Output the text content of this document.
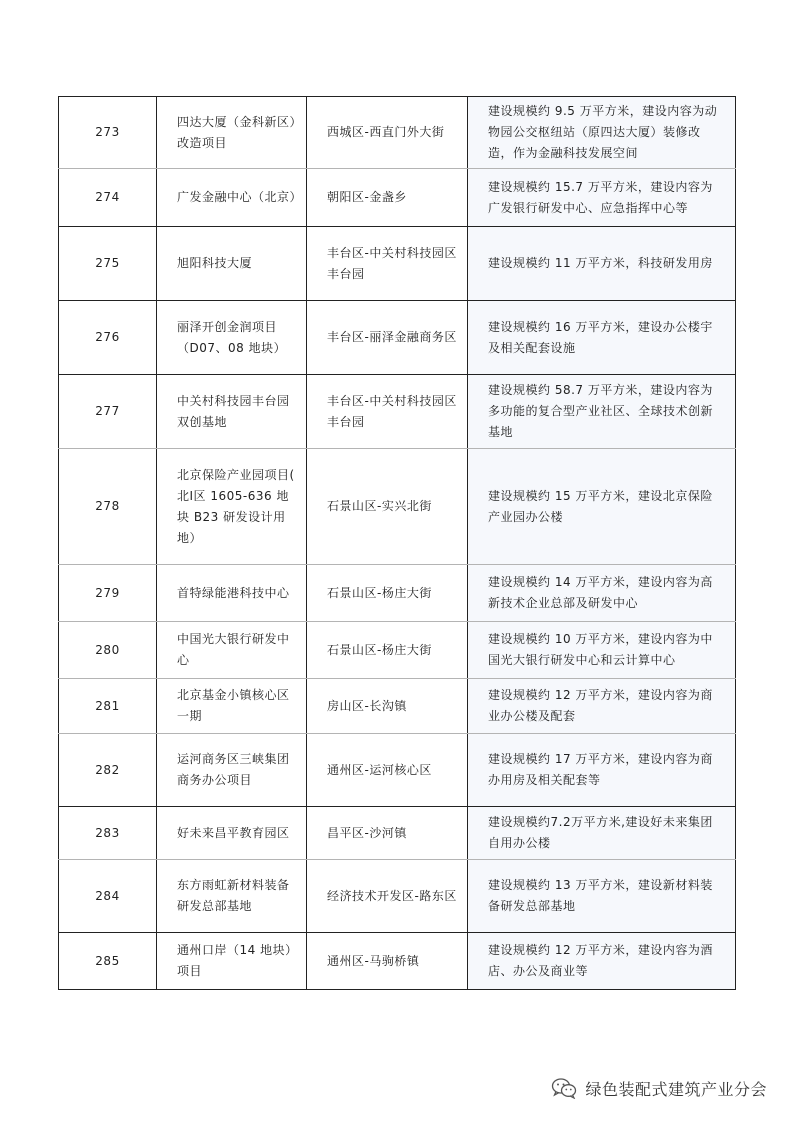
273	四达大厦（金科新区）改造项目	西城区-西直门外大街	建设规模约 9.5 万平方米，建设内容为动物园公交枢纽站（原四达大厦）装修改造，作为金融科技发展空间
274	广发金融中心（北京）	朝阳区-金盏乡	建设规模约 15.7 万平方米，建设内容为广发银行研发中心、应急指挥中心等
275	旭阳科技大厦	丰台区-中关村科技园区丰台园	建设规模约 11 万平方米，科技研发用房
276	丽泽开创金润项目（D07、08 地块）	丰台区-丽泽金融商务区	建设规模约 16 万平方米，建设办公楼宇及相关配套设施
277	中关村科技园丰台园双创基地	丰台区-中关村科技园区丰台园	建设规模约 58.7 万平方米，建设内容为多功能的复合型产业社区、全球技术创新基地
278	北京保险产业园项目( 北I区 1605-636 地块 B23 研发设计用地）	石景山区-实兴北街	建设规模约 15 万平方米，建设北京保险产业园办公楼
279	首特绿能港科技中心	石景山区-杨庄大街	建设规模约 14 万平方米，建设内容为高新技术企业总部及研发中心
280	中国光大银行研发中心	石景山区-杨庄大街	建设规模约 10 万平方米，建设内容为中国光大银行研发中心和云计算中心
281	北京基金小镇核心区一期	房山区-长沟镇	建设规模约 12 万平方米，建设内容为商业办公楼及配套
282	运河商务区三峡集团商务办公项目	通州区-运河核心区	建设规模约 17 万平方米，建设内容为商办用房及相关配套等
283	好未来昌平教育园区	昌平区-沙河镇	建设规模约7.2万平方米,建设好未来集团自用办公楼
284	东方雨虹新材料装备研发总部基地	经济技术开发区-路东区	建设规模约 13 万平方米，建设新材料装备研发总部基地
285	通州口岸（14 地块）项目	通州区-马驹桥镇	建设规模约 12 万平方米，建设内容为酒店、办公及商业等
绿色装配式建筑产业分会
